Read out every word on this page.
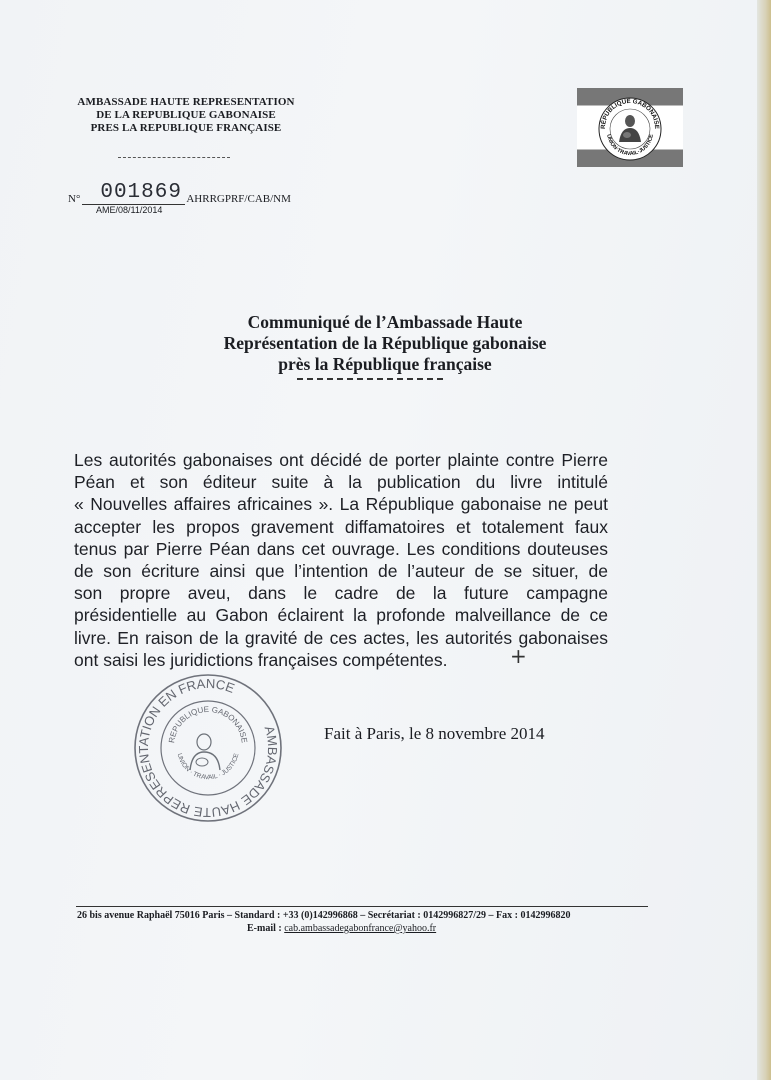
AMBASSADE HAUTE REPRESENTATION
DE LA REPUBLIQUE GABONAISE
PRES LA REPUBLIQUE FRANÇAISE
N° 001869 AHRRGPRF/CAB/NM
AME/08/11/2014
RÉPUBLIQUE GABONAISE
UNION·TRAVAIL·JUSTICE
Communiqué de l’Ambassade Haute
Représentation de la République gabonaise
près la République française
Les autorités gabonaises ont décidé de porter plainte contre Pierre
Péan et son éditeur suite à la publication du livre intitulé
« Nouvelles affaires africaines ». La République gabonaise ne peut
accepter les propos gravement diffamatoires et totalement faux
tenus par Pierre Péan dans cet ouvrage. Les conditions douteuses
de son écriture ainsi que l’intention de l’auteur de se situer, de
son propre aveu, dans le cadre de la future campagne
présidentielle au Gabon éclairent la profonde malveillance de ce
livre. En raison de la gravité de ces actes, les autorités gabonaises
ont saisi les juridictions françaises compétentes.	+
AMBASSADE HAUTE REPRESENTATION EN FRANCE
REPUBLIQUE GABONAISE
UNION · TRAVAIL · JUSTICE
Fait à Paris, le 8 novembre 2014
26 bis avenue Raphaël 75016 Paris – Standard : +33 (0)142996868 – Secrétariat : 0142996827/29 – Fax : 0142996820
E-mail : cab.ambassadegabonfrance@yahoo.fr
